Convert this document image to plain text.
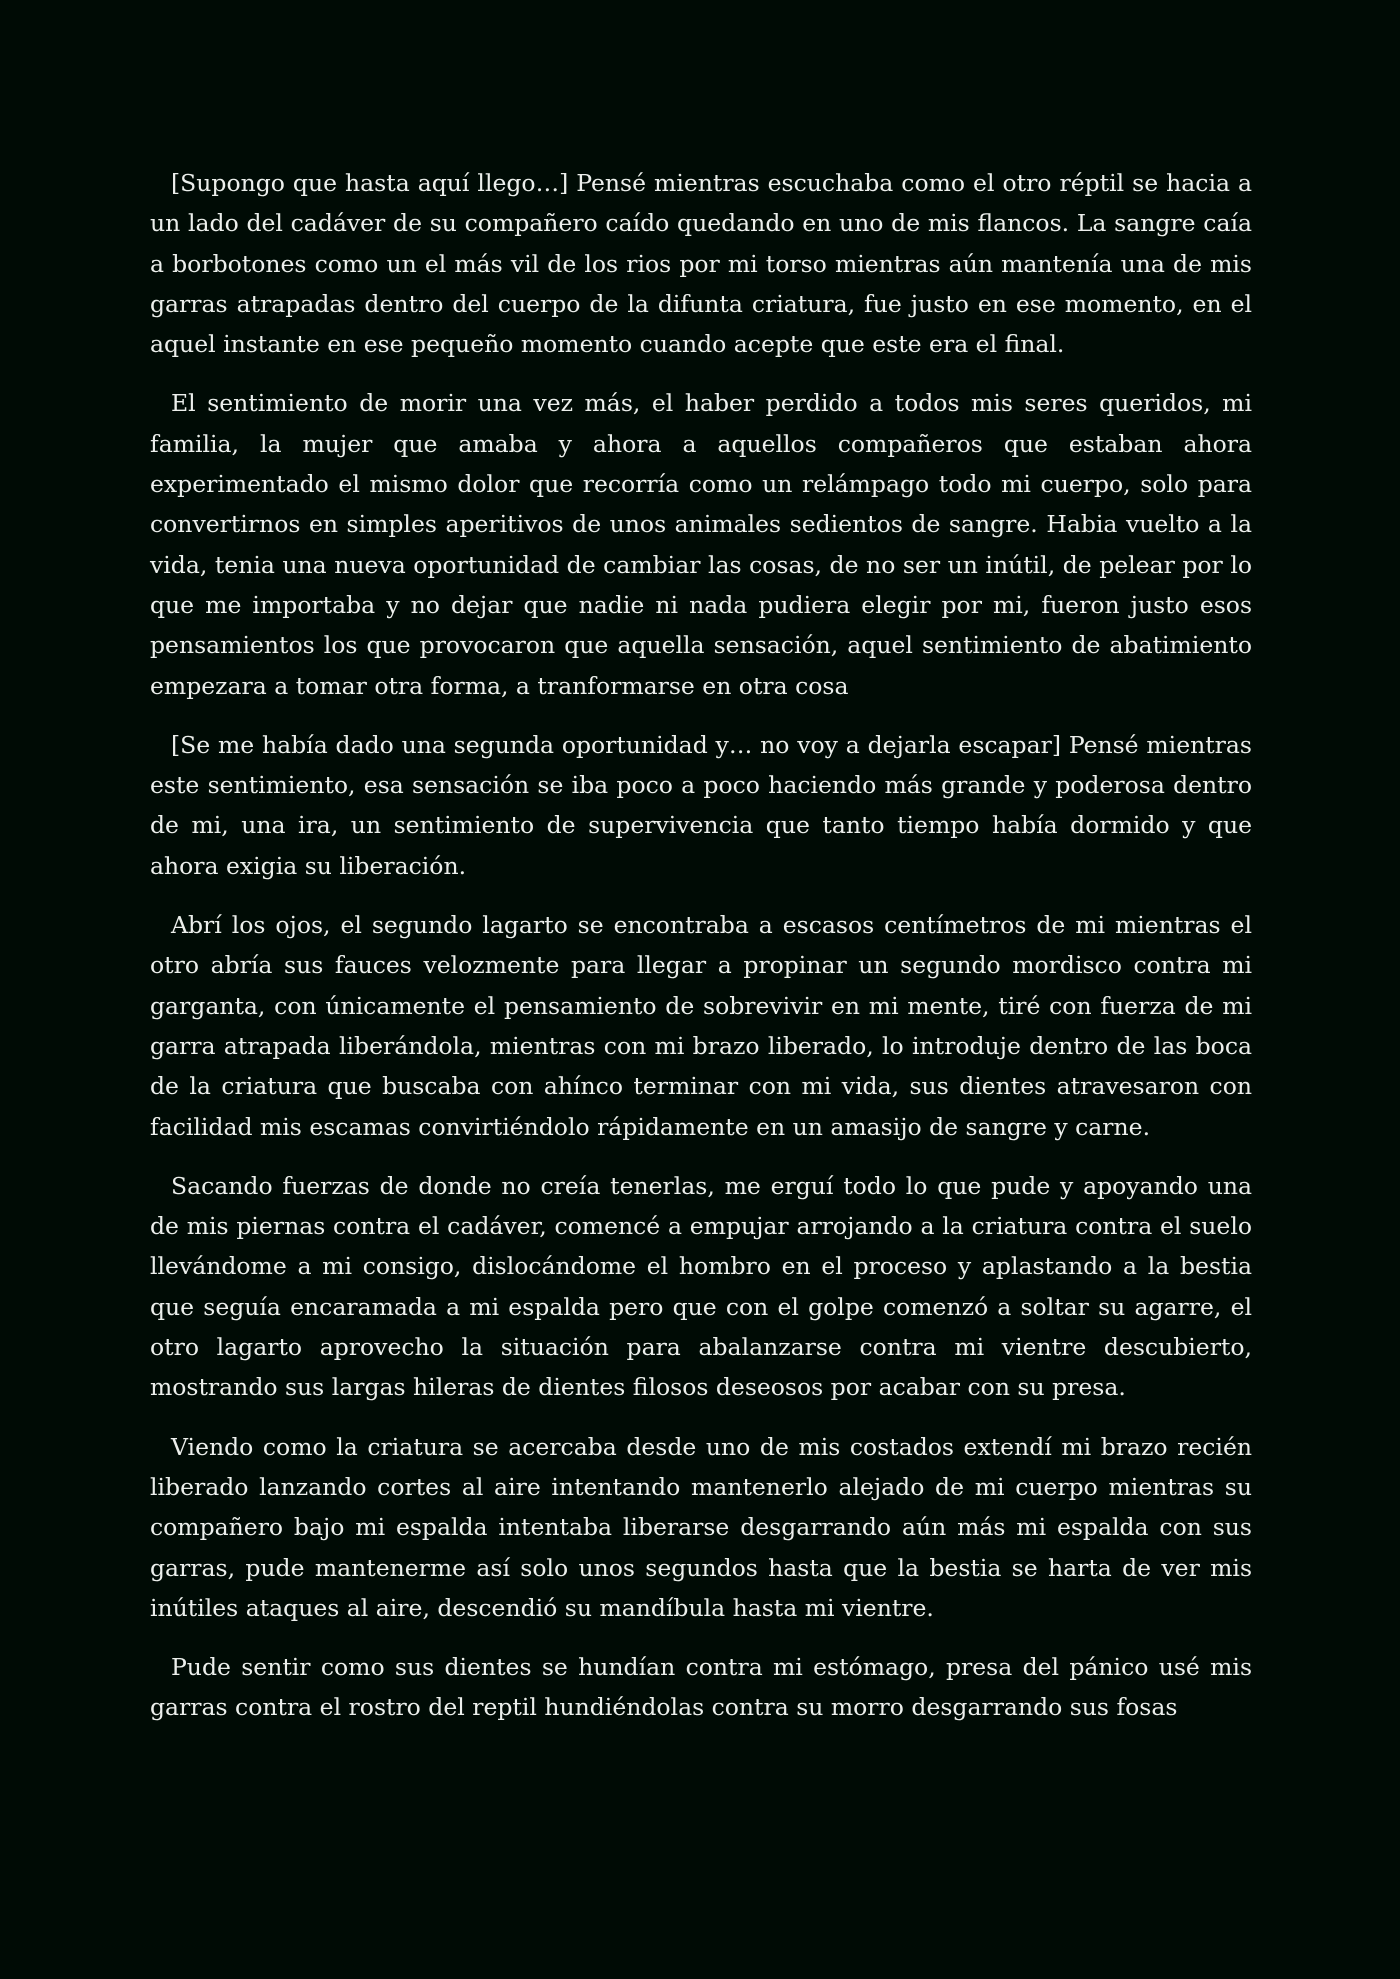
[Supongo que hasta aquí llego…] Pensé mientras escuchaba como el otro réptil se hacia a un lado del cadáver de su compañero caído quedando en uno de mis flancos. La sangre caía a borbotones como un el más vil de los rios por mi torso mientras aún mantenía una de mis garras atrapadas dentro del cuerpo de la difunta criatura, fue justo en ese momento, en el aquel instante en ese pequeño momento cuando acepte que este era el final.

El sentimiento de morir una vez más, el haber perdido a todos mis seres queridos, mi familia, la mujer que amaba y ahora a aquellos compañeros que estaban ahora experimentado el mismo dolor que recorría como un relámpago todo mi cuerpo, solo para convertirnos en simples aperitivos de unos animales sedientos de sangre. Habia vuelto a la vida, tenia una nueva oportunidad de cambiar las cosas, de no ser un inútil, de pelear por lo que me importaba y no dejar que nadie ni nada pudiera elegir por mi, fueron justo esos pensamientos los que provocaron que aquella sensación, aquel sentimiento de abatimiento empezara a tomar otra forma, a tranformarse en otra cosa

[Se me había dado una segunda oportunidad y… no voy a dejarla escapar] Pensé mientras este sentimiento, esa sensación se iba poco a poco haciendo más grande y poderosa dentro de mi, una ira, un sentimiento de supervivencia que tanto tiempo había dormido y que ahora exigia su liberación.

Abrí los ojos, el segundo lagarto se encontraba a escasos centímetros de mi mientras el otro abría sus fauces velozmente para llegar a propinar un segundo mordisco contra mi garganta, con únicamente el pensamiento de sobrevivir en mi mente, tiré con fuerza de mi garra atrapada liberándola, mientras con mi brazo liberado, lo introduje dentro de las boca de la criatura que buscaba con ahínco terminar con mi vida, sus dientes atravesaron con facilidad mis escamas convirtiéndolo rápidamente en un amasijo de sangre y carne.

Sacando fuerzas de donde no creía tenerlas, me erguí todo lo que pude y apoyando una de mis piernas contra el cadáver, comencé a empujar arrojando a la criatura contra el suelo llevándome a mi consigo, dislocándome el hombro en el proceso y aplastando a la bestia que seguía encaramada a mi espalda pero que con el golpe comenzó a soltar su agarre, el otro lagarto aprovecho la situación para abalanzarse contra mi vientre descubierto, mostrando sus largas hileras de dientes filosos deseosos por acabar con su presa.

Viendo como la criatura se acercaba desde uno de mis costados extendí mi brazo recién liberado lanzando cortes al aire intentando mantenerlo alejado de mi cuerpo mientras su compañero bajo mi espalda intentaba liberarse desgarrando aún más mi espalda con sus garras, pude mantenerme así solo unos segundos hasta que la bestia se harta de ver mis inútiles ataques al aire, descendió su mandíbula hasta mi vientre.

Pude sentir como sus dientes se hundían contra mi estómago, presa del pánico usé mis garras contra el rostro del reptil hundiéndolas contra su morro desgarrando sus fosas
